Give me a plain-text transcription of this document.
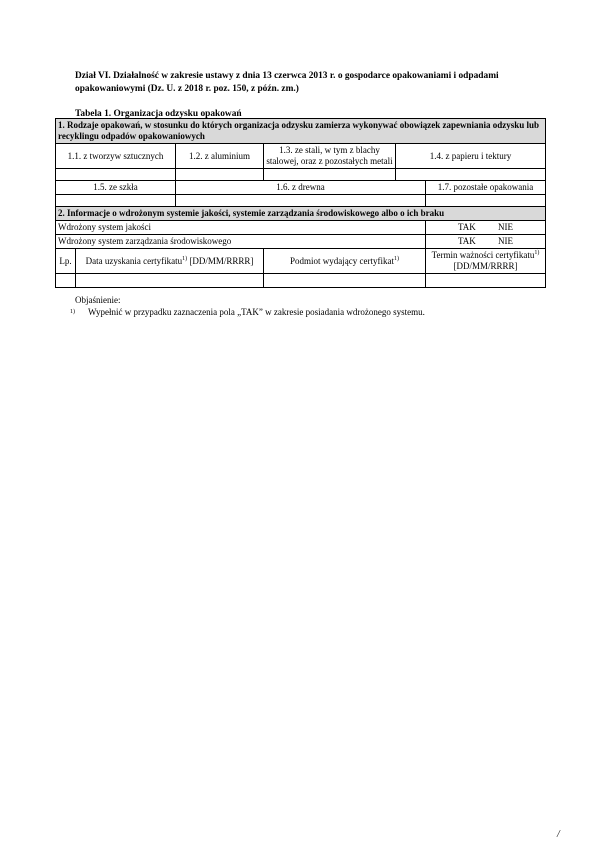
Dział VI. Działalność w zakresie ustawy z dnia 13 czerwca 2013 r. o gospodarce opakowaniami i odpadami opakowaniowymi (Dz. U. z 2018 r. poz. 150, z późn. zm.)
Tabela 1. Organizacja odzysku opakowań
1. Rodzaje opakowań, w stosunku do których organizacja odzysku zamierza wykonywać obowiązek zapewniania odzysku lub recyklingu odpadów opakowaniowych					
1.1. z tworzyw sztucznych		1.2. z aluminium	1.3. ze stali, w tym z blachy stalowej, oraz z pozostałych metali	1.4. z papieru i tektury	

1.5. ze szkła		1.6. z drewna			1.7. pozostałe opakowania

2. Informacje o wdrożonym systemie jakości, systemie zarządzania środowiskowego albo o ich braku					
Wdrożony system jakości					TAK NIE
Wdrożony system zarządzania środowiskowego					TAK NIE
Lp.	Data uzyskania certyfikatu$^{1)}$ [DD/MM/RRRR]		Podmiot wydający certyfikat$^{1)}$		Termin ważności certyfikatu$^{1)}$
[DD/MM/RRRR]

Objaśnienie:
1) Wypełnić w przypadku zaznaczenia pola „TAK” w zakresie posiadania wdrożonego systemu.
/
